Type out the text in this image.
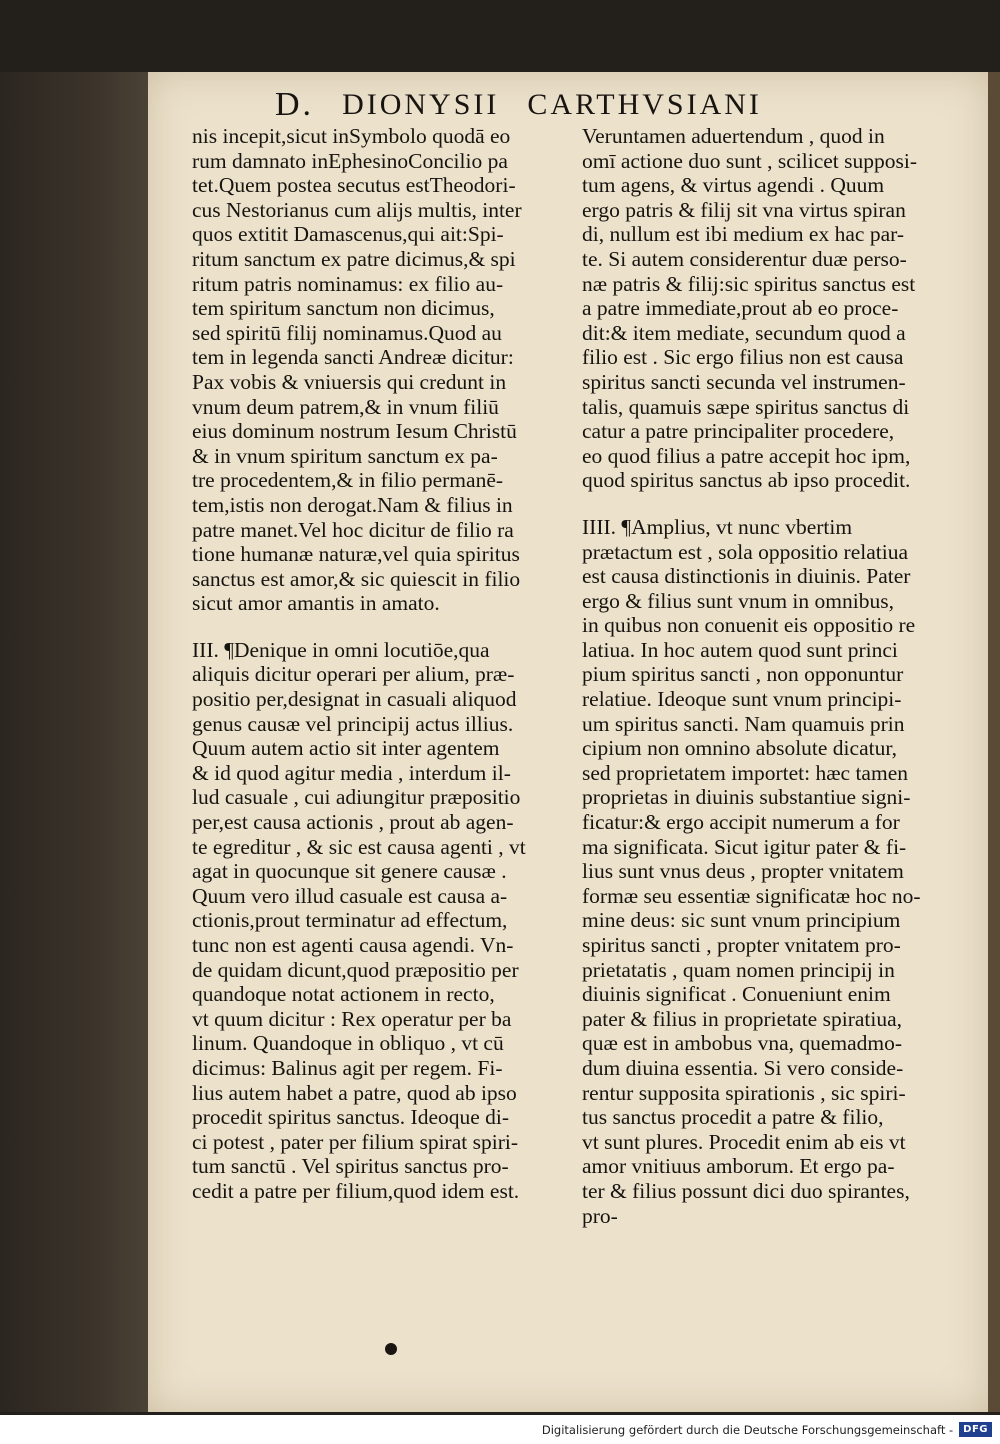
D. DIONYSII CARTHVSIANI
nis incepit,sicut inSymbolo quodā eo
rum damnato inEphesinoConcilio pa
tet.Quem postea secutus estTheodori-
cus Nestorianus cum alijs multis, inter
quos extitit Damascenus,qui ait:Spi-
ritum sanctum ex patre dicimus,& spi
ritum patris nominamus: ex filio au-
tem spiritum sanctum non dicimus,
sed spiritū filij nominamus.Quod au
tem in legenda sancti Andreæ dicitur:
Pax vobis & vniuersis qui credunt in
vnum deum patrem,& in vnum filiū
eius dominum nostrum Iesum Christū
& in vnum spiritum sanctum ex pa-
tre procedentem,& in filio permanē-
tem,istis non derogat.Nam & filius in
patre manet.Vel hoc dicitur de filio ra
tione humanæ naturæ,vel quia spiritus
sanctus est amor,& sic quiescit in filio
sicut amor amantis in amato.
III. ¶Denique in omni locutiōe,qua
aliquis dicitur operari per alium, præ-
positio per,designat in casuali aliquod
genus causæ vel principij actus illius.
Quum autem actio sit inter agentem
& id quod agitur media , interdum il-
lud casuale , cui adiungitur præpositio
per,est causa actionis , prout ab agen-
te egreditur , & sic est causa agenti , vt
agat in quocunque sit genere causæ .
Quum vero illud casuale est causa a-
ctionis,prout terminatur ad effectum,
tunc non est agenti causa agendi. Vn-
de quidam dicunt,quod præpositio per
quandoque notat actionem in recto,
vt quum dicitur : Rex operatur per ba
linum. Quandoque in obliquo , vt cū
dicimus: Balinus agit per regem. Fi-
lius autem habet a patre, quod ab ipso
procedit spiritus sanctus. Ideoque di-
ci potest , pater per filium spirat spiri-
tum sanctū . Vel spiritus sanctus pro-
cedit a patre per filium,quod idem est.
Veruntamen aduertendum , quod in
omī actione duo sunt , scilicet supposi-
tum agens, & virtus agendi . Quum
ergo patris & filij sit vna virtus spiran
di, nullum est ibi medium ex hac par-
te. Si autem considerentur duæ perso-
næ patris & filij:sic spiritus sanctus est
a patre immediate,prout ab eo proce-
dit:& item mediate, secundum quod a
filio est . Sic ergo filius non est causa
spiritus sancti secunda vel instrumen-
talis, quamuis sæpe spiritus sanctus di
catur a patre principaliter procedere,
eo quod filius a patre accepit hoc ipm,
quod spiritus sanctus ab ipso procedit.
IIII. ¶Amplius, vt nunc vbertim
prætactum est , sola oppositio relatiua
est causa distinctionis in diuinis. Pater
ergo & filius sunt vnum in omnibus,
in quibus non conuenit eis oppositio re
latiua. In hoc autem quod sunt princi
pium spiritus sancti , non opponuntur
relatiue. Ideoque sunt vnum principi-
um spiritus sancti. Nam quamuis prin
cipium non omnino absolute dicatur,
sed proprietatem importet: hæc tamen
proprietas in diuinis substantiue signi-
ficatur:& ergo accipit numerum a for
ma significata. Sicut igitur pater & fi-
lius sunt vnus deus , propter vnitatem
formæ seu essentiæ significatæ hoc no-
mine deus: sic sunt vnum principium
spiritus sancti , propter vnitatem pro-
prietatatis , quam nomen principij in
diuinis significat . Conueniunt enim
pater & filius in proprietate spiratiua,
quæ est in ambobus vna, quemadmo-
dum diuina essentia. Si vero conside-
rentur supposita spirationis , sic spiri-
tus sanctus procedit a patre & filio,
vt sunt plures. Procedit enim ab eis vt
amor vnitiuus amborum. Et ergo pa-
ter & filius possunt dici duo spirantes,
pro-
Digitalisierung gefördert durch die Deutsche Forschungsgemeinschaft -	DFG
